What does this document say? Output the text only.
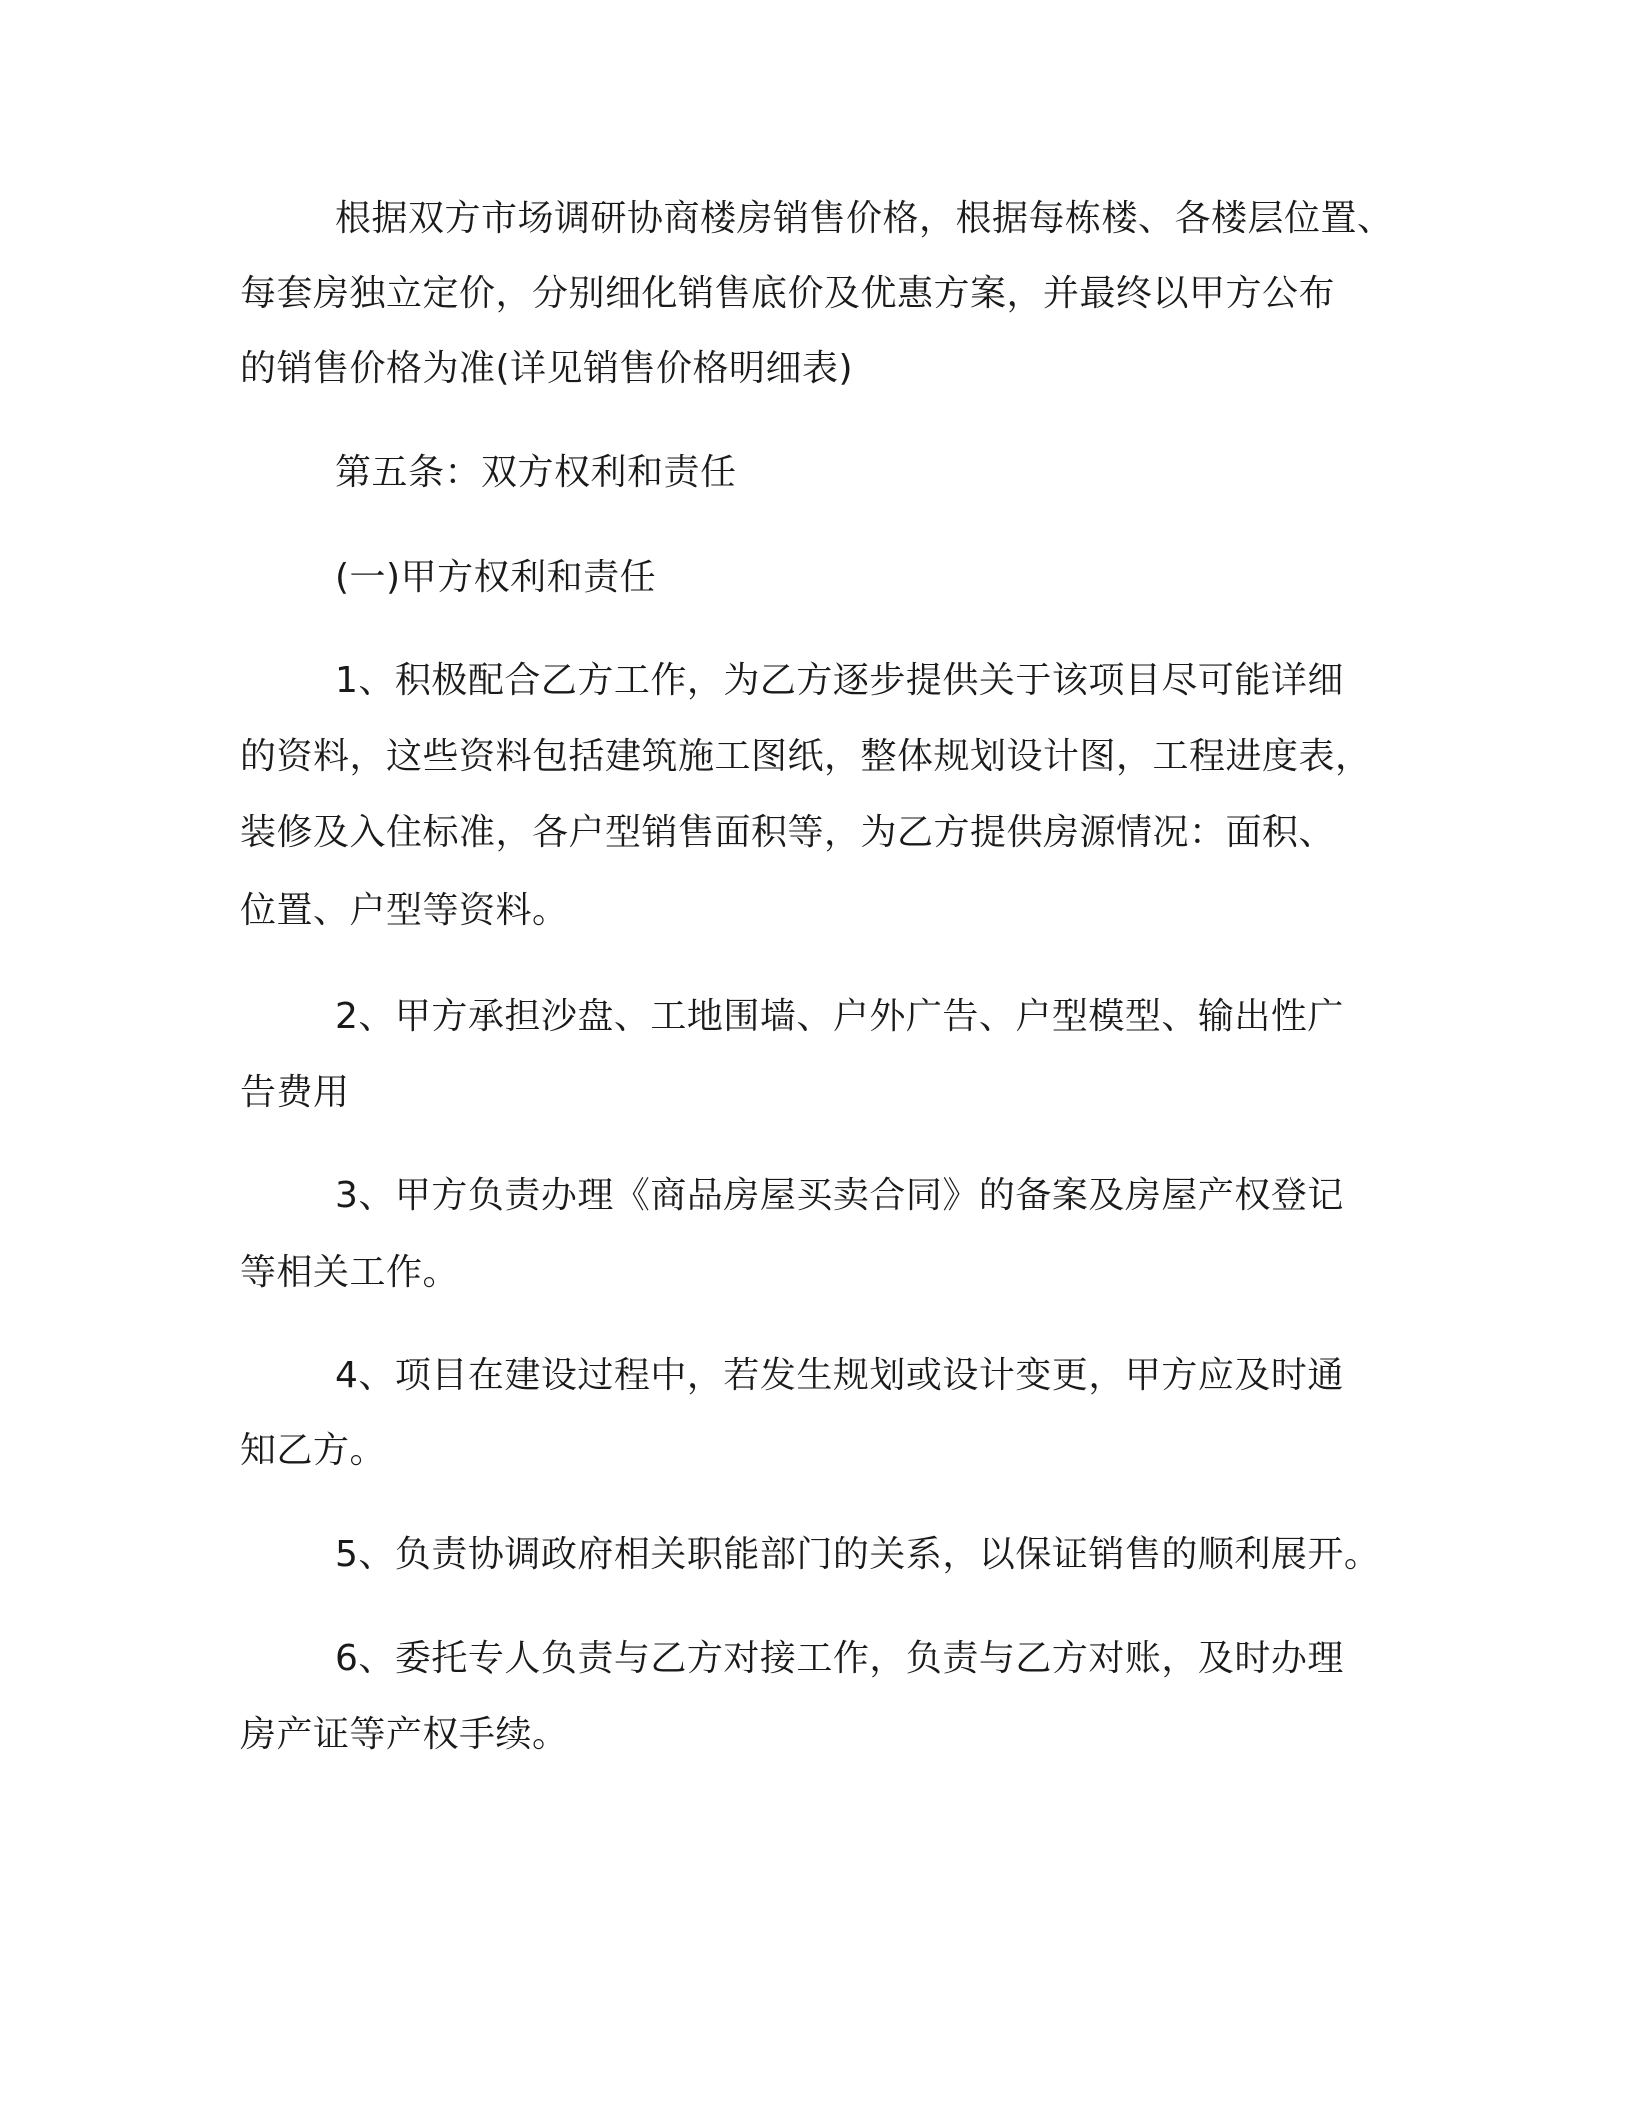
根据双方市场调研协商楼房销售价格，根据每栋楼、各楼层位置、

每套房独立定价，分别细化销售底价及优惠方案，并最终以甲方公布

的销售价格为准(详见销售价格明细表)

第五条：双方权利和责任

(一)甲方权利和责任

1、积极配合乙方工作，为乙方逐步提供关于该项目尽可能详细

的资料，这些资料包括建筑施工图纸，整体规划设计图，工程进度表，

装修及入住标准，各户型销售面积等，为乙方提供房源情况：面积、

位置、户型等资料。

2、甲方承担沙盘、工地围墙、户外广告、户型模型、输出性广

告费用

3、甲方负责办理《商品房屋买卖合同》的备案及房屋产权登记

等相关工作。

4、项目在建设过程中，若发生规划或设计变更，甲方应及时通

知乙方。

5、负责协调政府相关职能部门的关系，以保证销售的顺利展开。

6、委托专人负责与乙方对接工作，负责与乙方对账，及时办理

房产证等产权手续。
